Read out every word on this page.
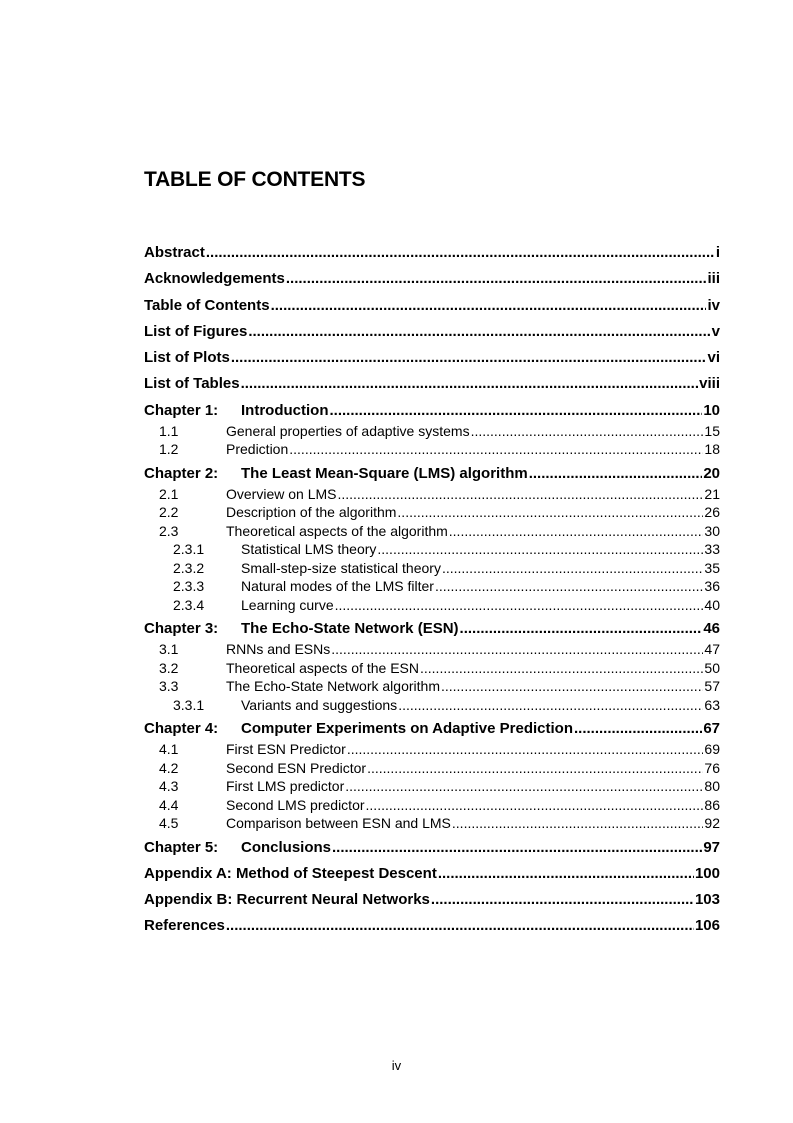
TABLE OF CONTENTS
Abstract .....	i
Acknowledgements .....	iii
Table of Contents .....	iv
List of Figures .....	v
List of Plots .....	vi
List of Tables .....	viii
Chapter 1: Introduction .....	10
1.1	General properties of adaptive systems .....	15
1.2	Prediction .....	18
Chapter 2: The Least Mean-Square (LMS) algorithm .....	20
2.1	Overview on LMS .....	21
2.2	Description of the algorithm .....	26
2.3	Theoretical aspects of the algorithm .....	30
2.3.1	Statistical LMS theory .....	33
2.3.2	Small-step-size statistical theory .....	35
2.3.3	Natural modes of the LMS filter .....	36
2.3.4	Learning curve .....	40
Chapter 3: The Echo-State Network (ESN) .....	46
3.1	RNNs and ESNs .....	47
3.2	Theoretical aspects of the ESN .....	50
3.3	The Echo-State Network algorithm .....	57
3.3.1	Variants and suggestions .....	63
Chapter 4: Computer Experiments on Adaptive Prediction .....	67
4.1	First ESN Predictor .....	69
4.2	Second ESN Predictor .....	76
4.3	First LMS predictor .....	80
4.4	Second LMS predictor .....	86
4.5	Comparison between ESN and LMS .....	92
Chapter 5: Conclusions .....	97
Appendix A: Method of Steepest Descent .....	100
Appendix B: Recurrent Neural Networks .....	103
References .....	106
iv
